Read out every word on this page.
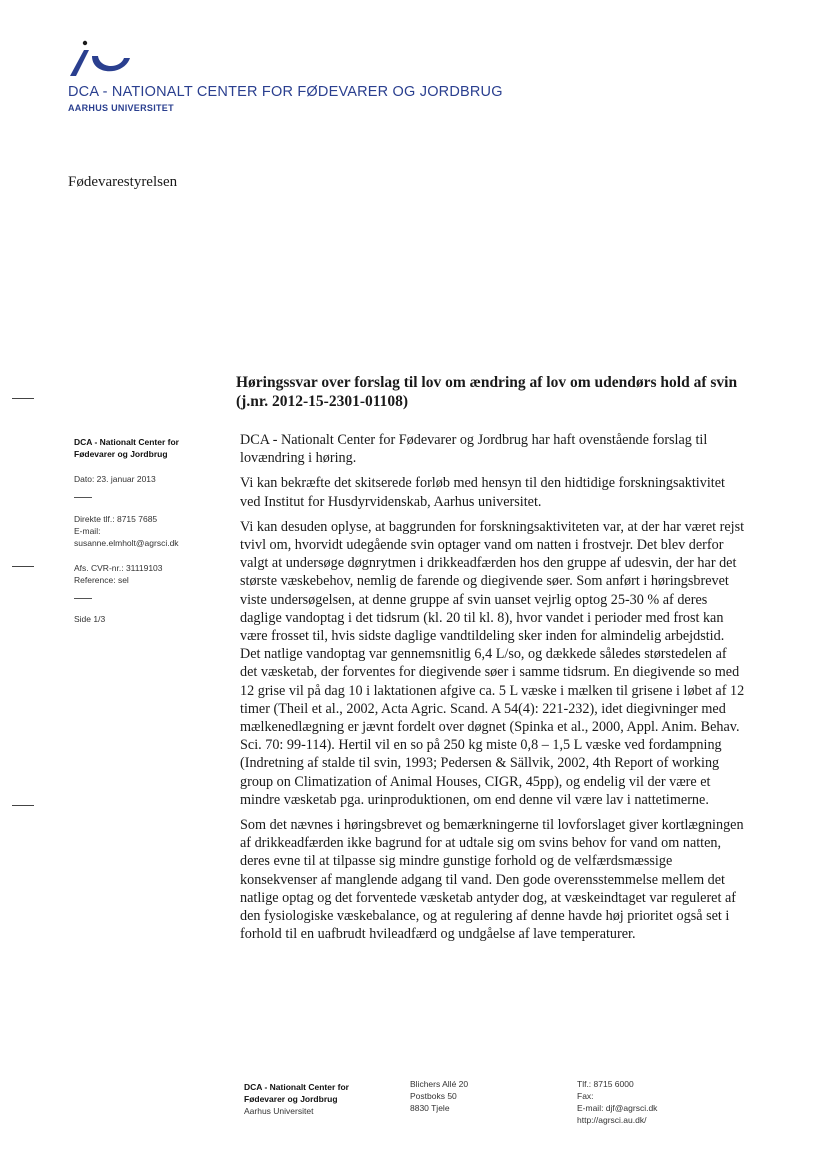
DCA - NATIONALT CENTER FOR FØDEVARER OG JORDBRUG
AARHUS UNIVERSITET
Fødevarestyrelsen
Høringssvar over forslag til lov om ændring af lov om udendørs hold af svin (j.nr. 2012-15-2301-01108)
DCA - Nationalt Center for
Fødevarer og Jordbrug
Dato: 23. januar 2013
Direkte tlf.: 8715 7685
E-mail:
susanne.elmholt@agrsci.dk
Afs. CVR-nr.: 31119103
Reference: sel
Side 1/3

DCA - Nationalt Center for Fødevarer og Jordbrug har haft ovenstående forslag til lovændring i høring.

Vi kan bekræfte det skitserede forløb med hensyn til den hidtidige forskningsaktivitet ved Institut for Husdyrvidenskab, Aarhus universitet.

Vi kan desuden oplyse, at baggrunden for forskningsaktiviteten var, at der har været rejst tvivl om, hvorvidt udegående svin optager vand om natten i frostvejr. Det blev derfor valgt at undersøge døgnrytmen i drikkeadfærden hos den gruppe af udesvin, der har det største væskebehov, nemlig de farende og diegivende søer. Som anført i høringsbrevet viste undersøgelsen, at denne gruppe af svin uanset vejrlig optog 25-30 % af deres daglige vandoptag i det tidsrum (kl. 20 til kl. 8), hvor vandet i perioder med frost kan være frosset til, hvis sidste daglige vandtildeling sker inden for almindelig arbejdstid. Det natlige vandoptag var gennemsnitlig 6,4 L/so, og dækkede således størstedelen af det væsketab, der forventes for diegivende søer i samme tidsrum. En diegivende so med 12 grise vil på dag 10 i laktationen afgive ca. 5 L væske i mælken til grisene i løbet af 12 timer (Theil et al., 2002, Acta Agric. Scand. A 54(4): 221-232), idet diegivninger med mælkenedlægning er jævnt fordelt over døgnet (Spinka et al., 2000, Appl. Anim. Behav. Sci. 70: 99-114). Hertil vil en so på 250 kg miste 0,8 – 1,5 L væske ved fordampning (Indretning af stalde til svin, 1993; Pedersen & Sällvik, 2002, 4th Report of working group on Climatization of Animal Houses, CIGR, 45pp), og endelig vil der være et mindre væsketab pga. urinproduktionen, om end denne vil være lav i nattetimerne.

Som det nævnes i høringsbrevet og bemærkningerne til lovforslaget giver kortlægningen af drikkeadfærden ikke bagrund for at udtale sig om svins behov for vand om natten, deres evne til at tilpasse sig mindre gunstige forhold og de velfærdsmæssige konsekvenser af manglende adgang til vand. Den gode overensstemmelse mellem det natlige optag og det forventede væsketab antyder dog, at væskeindtaget var reguleret af den fysiologiske væskebalance, og at regulering af denne havde høj prioritet også set i forhold til en uafbrudt hvileadfærd og undgåelse af lave temperaturer.

DCA - Nationalt Center for
Fødevarer og Jordbrug
Aarhus Universitet
Blichers Allé 20
Postboks 50
8830 Tjele
Tlf.: 8715 6000
Fax:
E-mail: djf@agrsci.dk
http://agrsci.au.dk/
